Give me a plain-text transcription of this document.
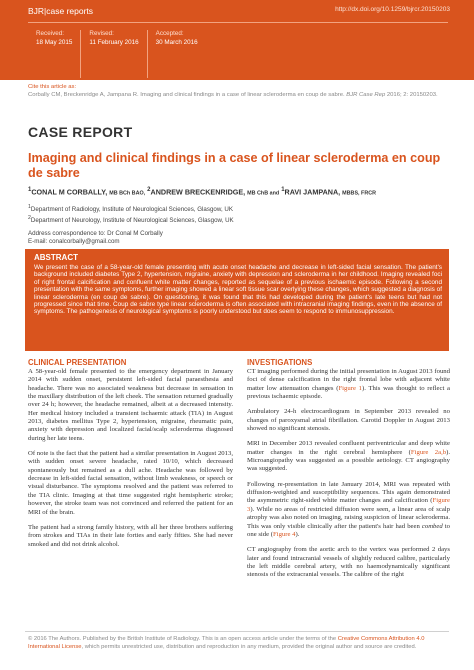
BJR|case reports	http://dx.doi.org/10.1259/bjrcr.20150203
Received:
18 May 2015
Revised:
11 February 2016
Accepted:
30 March 2016
Cite this article as:
Corbally CM, Breckenridge A, Jampana R. Imaging and clinical findings in a case of linear scleroderma en coup de sabre. BJR Case Rep 2016; 2: 20150203.
CASE REPORT
Imaging and clinical findings in a case of linear scleroderma en coup de sabre
$^1$CONAL M CORBALLY, MB BCh BAO, $^2$ANDREW BRECKENRIDGE, MB ChB and $^1$RAVI JAMPANA, MBBS, FRCR
$^1$Department of Radiology, Institute of Neurological Sciences, Glasgow, UK
$^2$Department of Neurology, Institute of Neurological Sciences, Glasgow, UK
Address correspondence to: Dr Conal M Corbally
E-mail: conalcorbally@gmail.com
ABSTRACT
We present the case of a 58-year-old female presenting with acute onset headache and decrease in left-sided facial sensation. The patient's background included diabetes Type 2, hypertension, migraine, anxiety with depression and scleroderma in her childhood. Imaging revealed foci of right frontal calcification and confluent white matter changes, reported as sequelae of a previous ischaemic episode. Following a second presentation with the same symptoms, further imaging showed a linear soft tissue scar overlying these changes, which suggested a diagnosis of linear scleroderma (en coup de sabre). On questioning, it was found that this had developed during the patient's late teens but had not progressed since that time. Coup de sabre type linear scleroderma is often associated with intracranial imaging findings, even in the absence of symptoms. The pathogenesis of neurological symptoms is poorly understood but does seem to respond to immunosuppression.
CLINICAL PRESENTATION

A 58-year-old female presented to the emergency department in January 2014 with sudden onset, persistent left-sided facial paraesthesia and headache. There was no associated weakness but decrease in sensation in the maxillary distribution of the left cheek. The sensation returned gradually over 24 h; however, the headache remained, albeit at a decreased intensity. Her medical history included a transient ischaemic attack (TIA) in August 2013, diabetes mellitus Type 2, hypertension, migraine, rheumatic pain, anxiety with depression and localized facial/scalp scleroderma diagnosed during her late teens.

Of note is the fact that the patient had a similar presentation in August 2013, with sudden onset severe headache, rated 10/10, which decreased spontaneously but remained as a dull ache. Headache was followed by decrease in left-sided facial sensation, without limb weakness, or speech or visual disturbance. The symptoms resolved and the patient was referred to the TIA clinic. Imaging at that time suggested right hemispheric stroke; however, the stroke team was not convinced and referred the patient for an MRI of the brain.

The patient had a strong family history, with all her three brothers suffering from strokes and TIAs in their late forties and early fifties. She had never smoked and did not drink alcohol.

INVESTIGATIONS

CT imaging performed during the initial presentation in August 2013 found foci of dense calcification in the right frontal lobe with adjacent white matter low attenuation changes (Figure 1). This was thought to reflect a previous ischaemic episode.

Ambulatory 24-h electrocardiogram in September 2013 revealed no changes of paroxysmal atrial fibrillation. Carotid Doppler in August 2013 showed no significant stenosis.

MRI in December 2013 revealed confluent periventricular and deep white matter changes in the right cerebral hemisphere (Figure 2a,b). Microangiopathy was suggested as a possible aetiology. CT angiography was suggested.

Following re-presentation in late January 2014, MRI was repeated with diffusion-weighted and susceptibility sequences. This again demonstrated the asymmetric right-sided white matter changes and calcification (Figure 3). While no areas of restricted diffusion were seen, a linear area of scalp atrophy was also noted on imaging, raising suspicion of linear scleroderma. This was only visible clinically after the patient's hair had been combed to one side (Figure 4).

CT angiography from the aortic arch to the vertex was performed 2 days later and found intracranial vessels of slightly reduced calibre, particularly the left middle cerebral artery, with no haemodynamically significant stenosis of the extracranial vessels. The calibre of the right

© 2016 The Authors. Published by the British Institute of Radiology. This is an open access article under the terms of the Creative Commons Attribution 4.0 International License, which permits unrestricted use, distribution and reproduction in any medium, provided the original author and source are credited.
